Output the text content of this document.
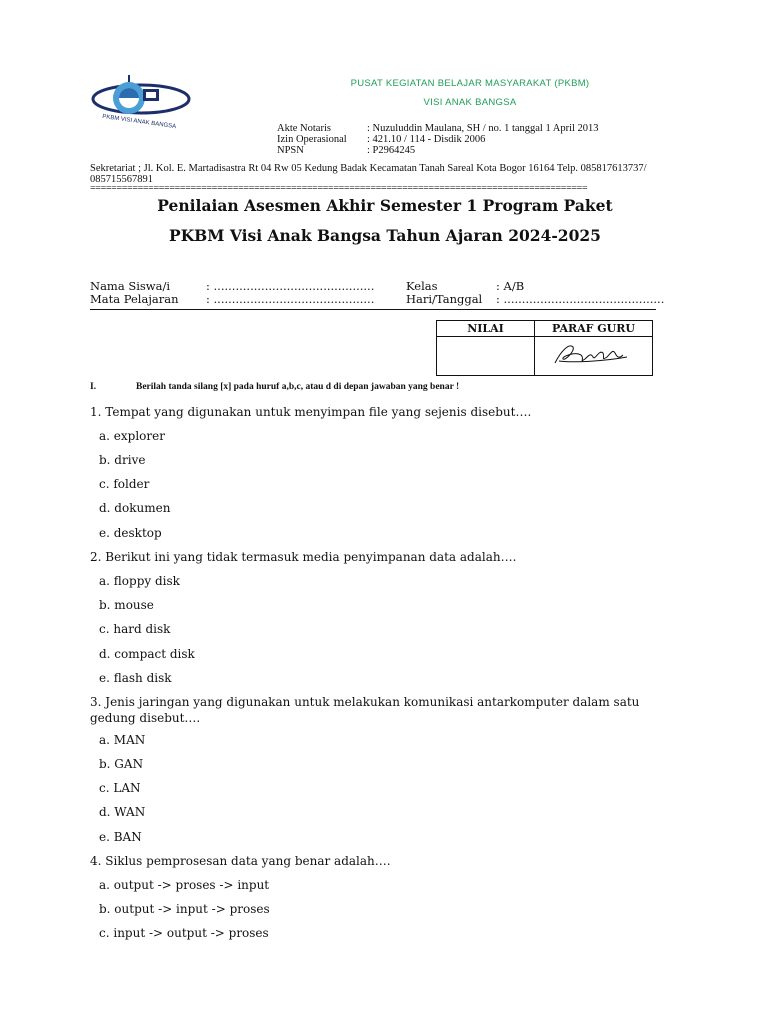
PKBM VISI ANAK BANGSA
PUSAT KEGIATAN BELAJAR MASYARAKAT (PKBM)
VISI ANAK BANGSA
Akte Notaris	: Nuzuluddin Maulana, SH / no. 1 tanggal 1 April 2013
Izin Operasional	: 421.10 / 114 - Disdik 2006
NPSN	: P2964245
Sekretariat ; Jl. Kol. E. Martadisastra Rt 04 Rw 05 Kedung Badak Kecamatan Tanah Sareal Kota Bogor 16164 Telp. 085817613737/ 085715567891
==============================================================================================
Penilaian Asesmen Akhir Semester 1 Program Paket
PKBM Visi Anak Bangsa Tahun Ajaran 2024-2025
Nama Siswa/i	: ............................................
Mata Pelajaran	: ............................................
Kelas	: A/B
Hari/Tanggal	: ............................................
NILAI	PARAF GURU

I.	Berilah tanda silang [x] pada huruf a,b,c, atau d di depan jawaban yang benar !
1. Tempat yang digunakan untuk menyimpan file yang sejenis disebut….
a. explorer
b. drive
c. folder
d. dokumen
e. desktop
2. Berikut ini yang tidak termasuk media penyimpanan data adalah….
a. floppy disk
b. mouse
c. hard disk
d. compact disk
e. flash disk
3. Jenis jaringan yang digunakan untuk melakukan komunikasi antarkomputer dalam satu gedung disebut….
a. MAN
b. GAN
c. LAN
d. WAN
e. BAN
4. Siklus pemprosesan data yang benar adalah….
a. output -> proses -> input
b. output -> input -> proses
c. input -> output -> proses
